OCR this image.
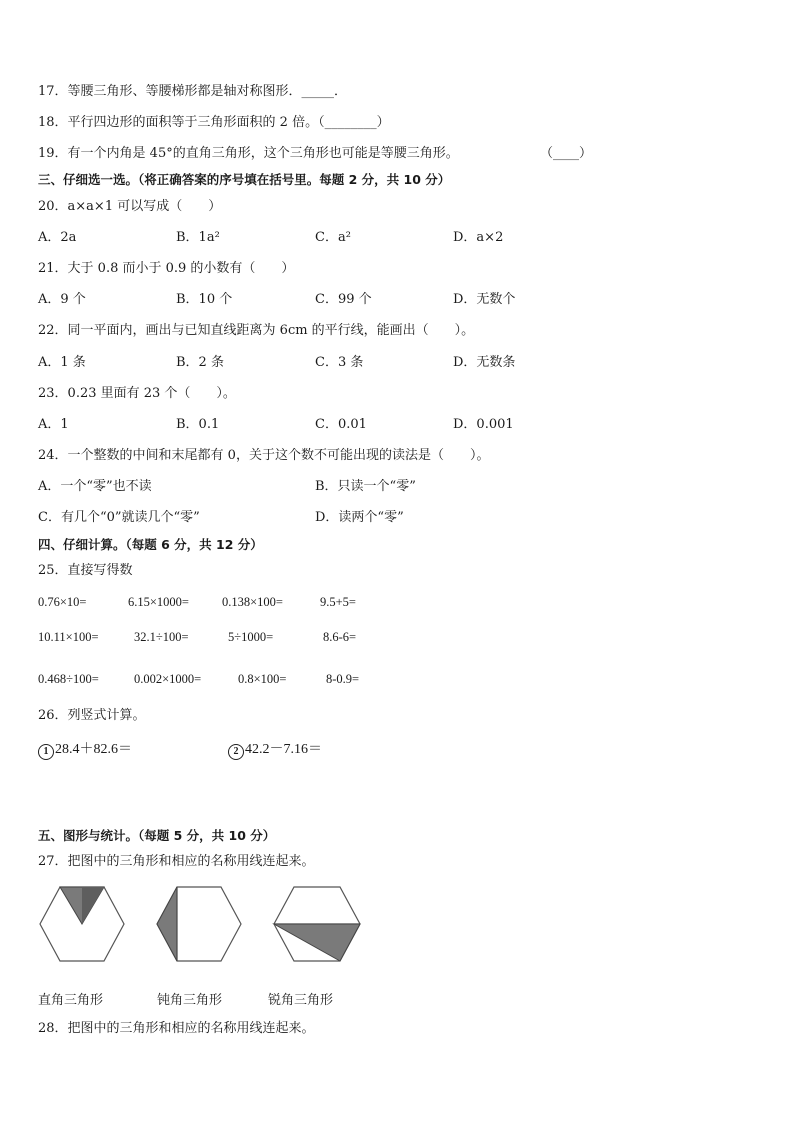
17．等腰三角形、等腰梯形都是轴对称图形．_____．
18．平行四边形的面积等于三角形面积的 2 倍。（________）
19．有一个内角是 45°的直角三角形，这个三角形也可能是等腰三角形。	（____）
三、仔细选一选。（将正确答案的序号填在括号里。每题 2 分，共 10 分）
20．a×a×1 可以写成（　　）
A．2a	B．1a²	C．a²	D．a×2
21．大于 0.8 而小于 0.9 的小数有（　　）
A．9 个	B．10 个	C．99 个	D．无数个
22．同一平面内，画出与已知直线距离为 6cm 的平行线，能画出（　　）。
A．1 条	B．2 条	C．3 条	D．无数条
23．0.23 里面有 23 个（　　）。
A．1	B．0.1	C．0.01	D．0.001
24．一个整数的中间和末尾都有 0，关于这个数不可能出现的读法是（　　）。
A．一个“零”也不读	B．只读一个“零”
C．有几个“0”就读几个“零”	D．读两个“零”
四、仔细计算。（每题 6 分，共 12 分）
25．直接写得数
0.76×10=	6.15×1000=	0.138×100=	9.5+5=
10.11×100=	32.1÷100=	5÷1000=	8.6-6=
0.468÷100=	0.002×1000=	0.8×100=	8-0.9=
26．列竖式计算。
1 28.4＋82.6＝	2 42.2－7.16＝
五、图形与统计。（每题 5 分，共 10 分）
27．把图中的三角形和相应的名称用线连起来。
直角三角形	钝角三角形	锐角三角形
28．把图中的三角形和相应的名称用线连起来。
